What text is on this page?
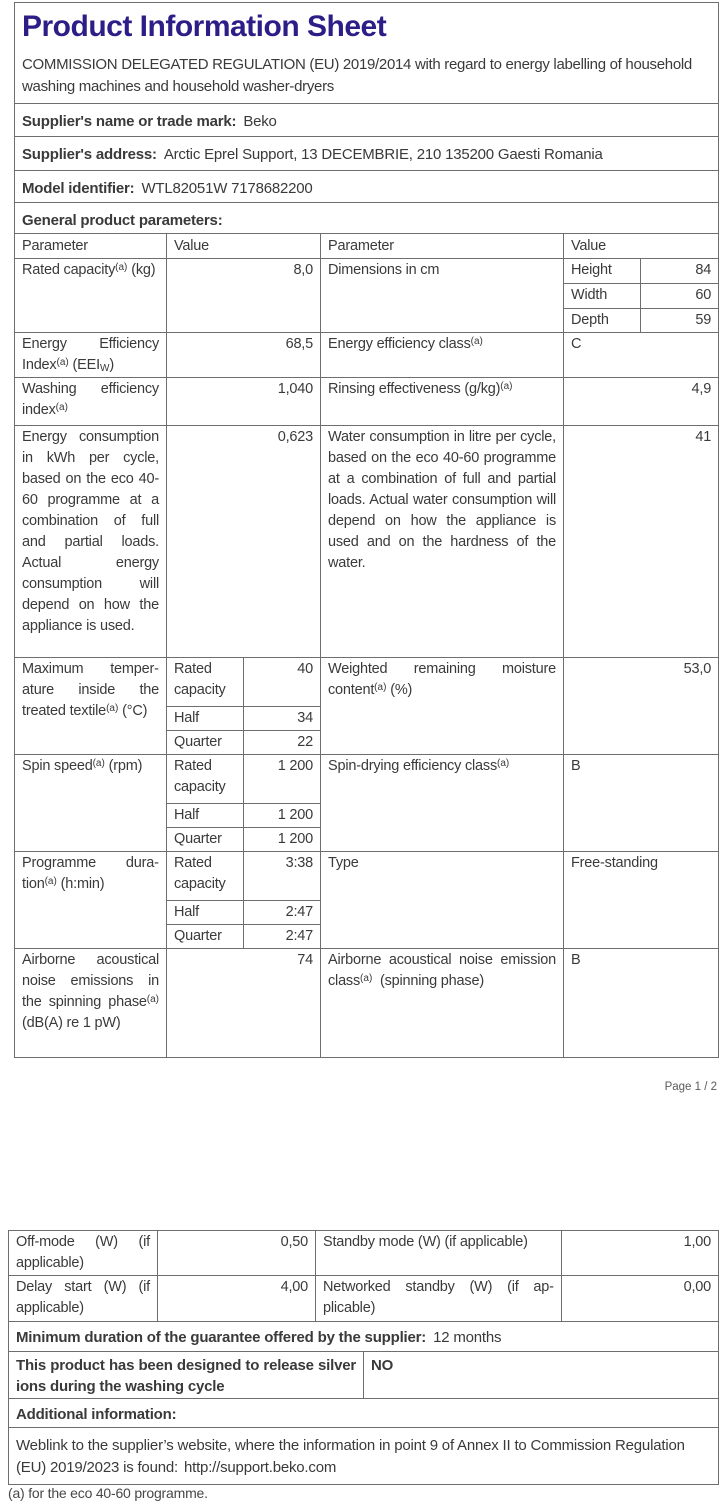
Product Information Sheet

COMMISSION DELEGATED REGULATION (EU) 2019/2014 with regard to energy labelling of household washing machines and household washer-dryers

Supplier's name or trade mark: Beko					
Supplier's address: Arctic Eprel Support, 13 DECEMBRIE, 210 135200 Gaesti Romania					
Model identifier: WTL82051W 7178682200					
General product parameters:					
Parameter	Value		Parameter	Value	
Rated capacity$^{(a)}$ (kg)	8,0		Dimensions in cm	Height	84
				Width	60
				Depth	59
Energy Efficiency Index$^{(a)}$ $(EEI_W)$	68,5		Energy efficiency class$^{(a)}$	C	
Washing efficiency index$^{(a)}$	1,040		Rinsing effectiveness $(g/kg)^{(a)}$	4,9	
Energy consumption in kWh per cycle, based on the eco 40-60 programme at a combination of full and partial loads. Actual energy consumption will depend on how the appliance is used.	0,623		Water consumption in litre per cycle, based on the eco 40-60 programme at a combination of full and partial loads. Actual water consumption will depend on how the appliance is used and on the hardness of the water.	41	
Maximum temperature inside the treated textile$^{(a)}$ (°C)	Rated capacity	40	Weighted remaining moisture content$^{(a)}$ (%)	53,0	
	Half	34			
	Quarter	22			
Spin speed$^{(a)}$ (rpm)	Rated capacity	1 200	Spin-drying efficiency class$^{(a)}$	B	
	Half	1 200			
	Quarter	1 200			
Programme duration$^{(a)}$ (h:min)	Rated capacity	3:38	Type	Free-standing	
	Half	2:47			
	Quarter	2:47			
Airborne acoustical noise emissions in the spinning phase$^{(a)}$ (dB(A) re 1 pW)	74		Airborne acoustical noise emission class$^{(a)}$  (spinning phase)	B	
Page 1 / 2
Off-mode (W) (if applicable)	0,50	Standby mode (W) (if applicable)		1,00
Delay start (W) (if applicable)	4,00	Networked standby (W) (if applicable)		0,00
Minimum duration of the guarantee offered by the supplier: 12 months				
This product has been designed to release silver ions during the washing cycle			NO	
Additional information:				
Weblink to the supplier’s website, where the information in point 9 of Annex II to Commission Regulation (EU) 2019/2023 is found: http://support.beko.com				
(a) for the eco 40-60 programme.
